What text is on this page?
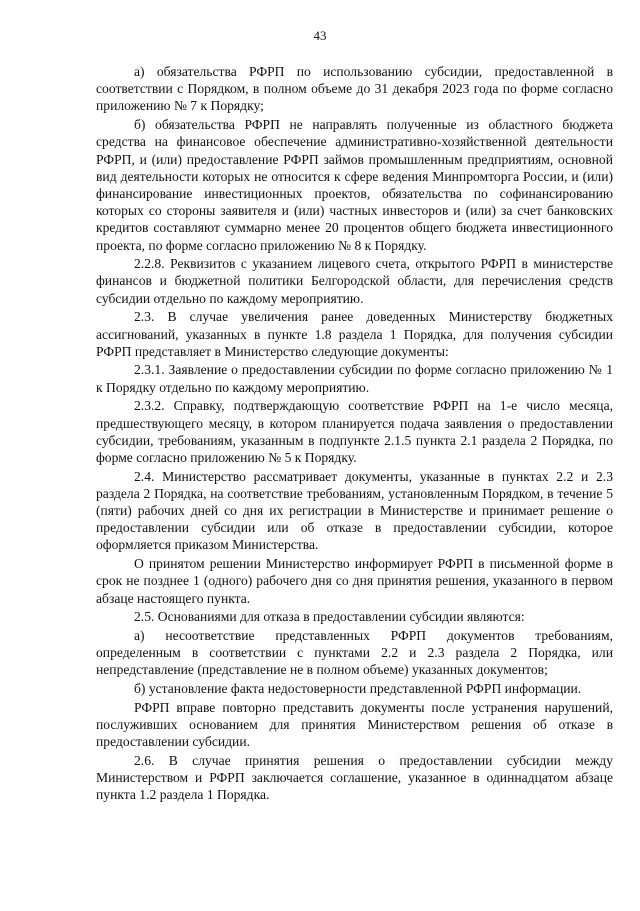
43

а) обязательства РФРП по использованию субсидии, предоставленной в соответствии с Порядком, в полном объеме до 31 декабря 2023 года по форме согласно приложению № 7 к Порядку;

б) обязательства РФРП не направлять полученные из областного бюджета средства на финансовое обеспечение административно-хозяйственной деятельности РФРП, и (или) предоставление РФРП займов промышленным предприятиям, основной вид деятельности которых не относится к сфере ведения Минпромторга России, и (или) финансирование инвестиционных проектов, обязательства по софинансированию которых со стороны заявителя и (или) частных инвесторов и (или) за счет банковских кредитов составляют суммарно менее 20 процентов общего бюджета инвестиционного проекта, по форме согласно приложению № 8 к Порядку.

2.2.8. Реквизитов с указанием лицевого счета, открытого РФРП в министерстве финансов и бюджетной политики Белгородской области, для перечисления средств субсидии отдельно по каждому мероприятию.

2.3. В случае увеличения ранее доведенных Министерству бюджетных ассигнований, указанных в пункте 1.8 раздела 1 Порядка, для получения субсидии РФРП представляет в Министерство следующие документы:

2.3.1. Заявление о предоставлении субсидии по форме согласно приложению № 1 к Порядку отдельно по каждому мероприятию.

2.3.2. Справку, подтверждающую соответствие РФРП на 1-е число месяца, предшествующего месяцу, в котором планируется подача заявления о предоставлении субсидии, требованиям, указанным в подпункте 2.1.5 пункта 2.1 раздела 2 Порядка, по форме согласно приложению № 5 к Порядку.

2.4. Министерство рассматривает документы, указанные в пунктах 2.2 и 2.3 раздела 2 Порядка, на соответствие требованиям, установленным Порядком, в течение 5 (пяти) рабочих дней со дня их регистрации в Министерстве и принимает решение о предоставлении субсидии или об отказе в предоставлении субсидии, которое оформляется приказом Министерства.

О принятом решении Министерство информирует РФРП в письменной форме в срок не позднее 1 (одного) рабочего дня со дня принятия решения, указанного в первом абзаце настоящего пункта.

2.5. Основаниями для отказа в предоставлении субсидии являются:

а) несоответствие представленных РФРП документов требованиям, определенным в соответствии с пунктами 2.2 и 2.3 раздела 2 Порядка, или непредставление (представление не в полном объеме) указанных документов;

б) установление факта недостоверности представленной РФРП информации.

РФРП вправе повторно представить документы после устранения нарушений, послуживших основанием для принятия Министерством решения об отказе в предоставлении субсидии.

2.6. В случае принятия решения о предоставлении субсидии между Министерством и РФРП заключается соглашение, указанное в одиннадцатом абзаце пункта 1.2 раздела 1 Порядка.
